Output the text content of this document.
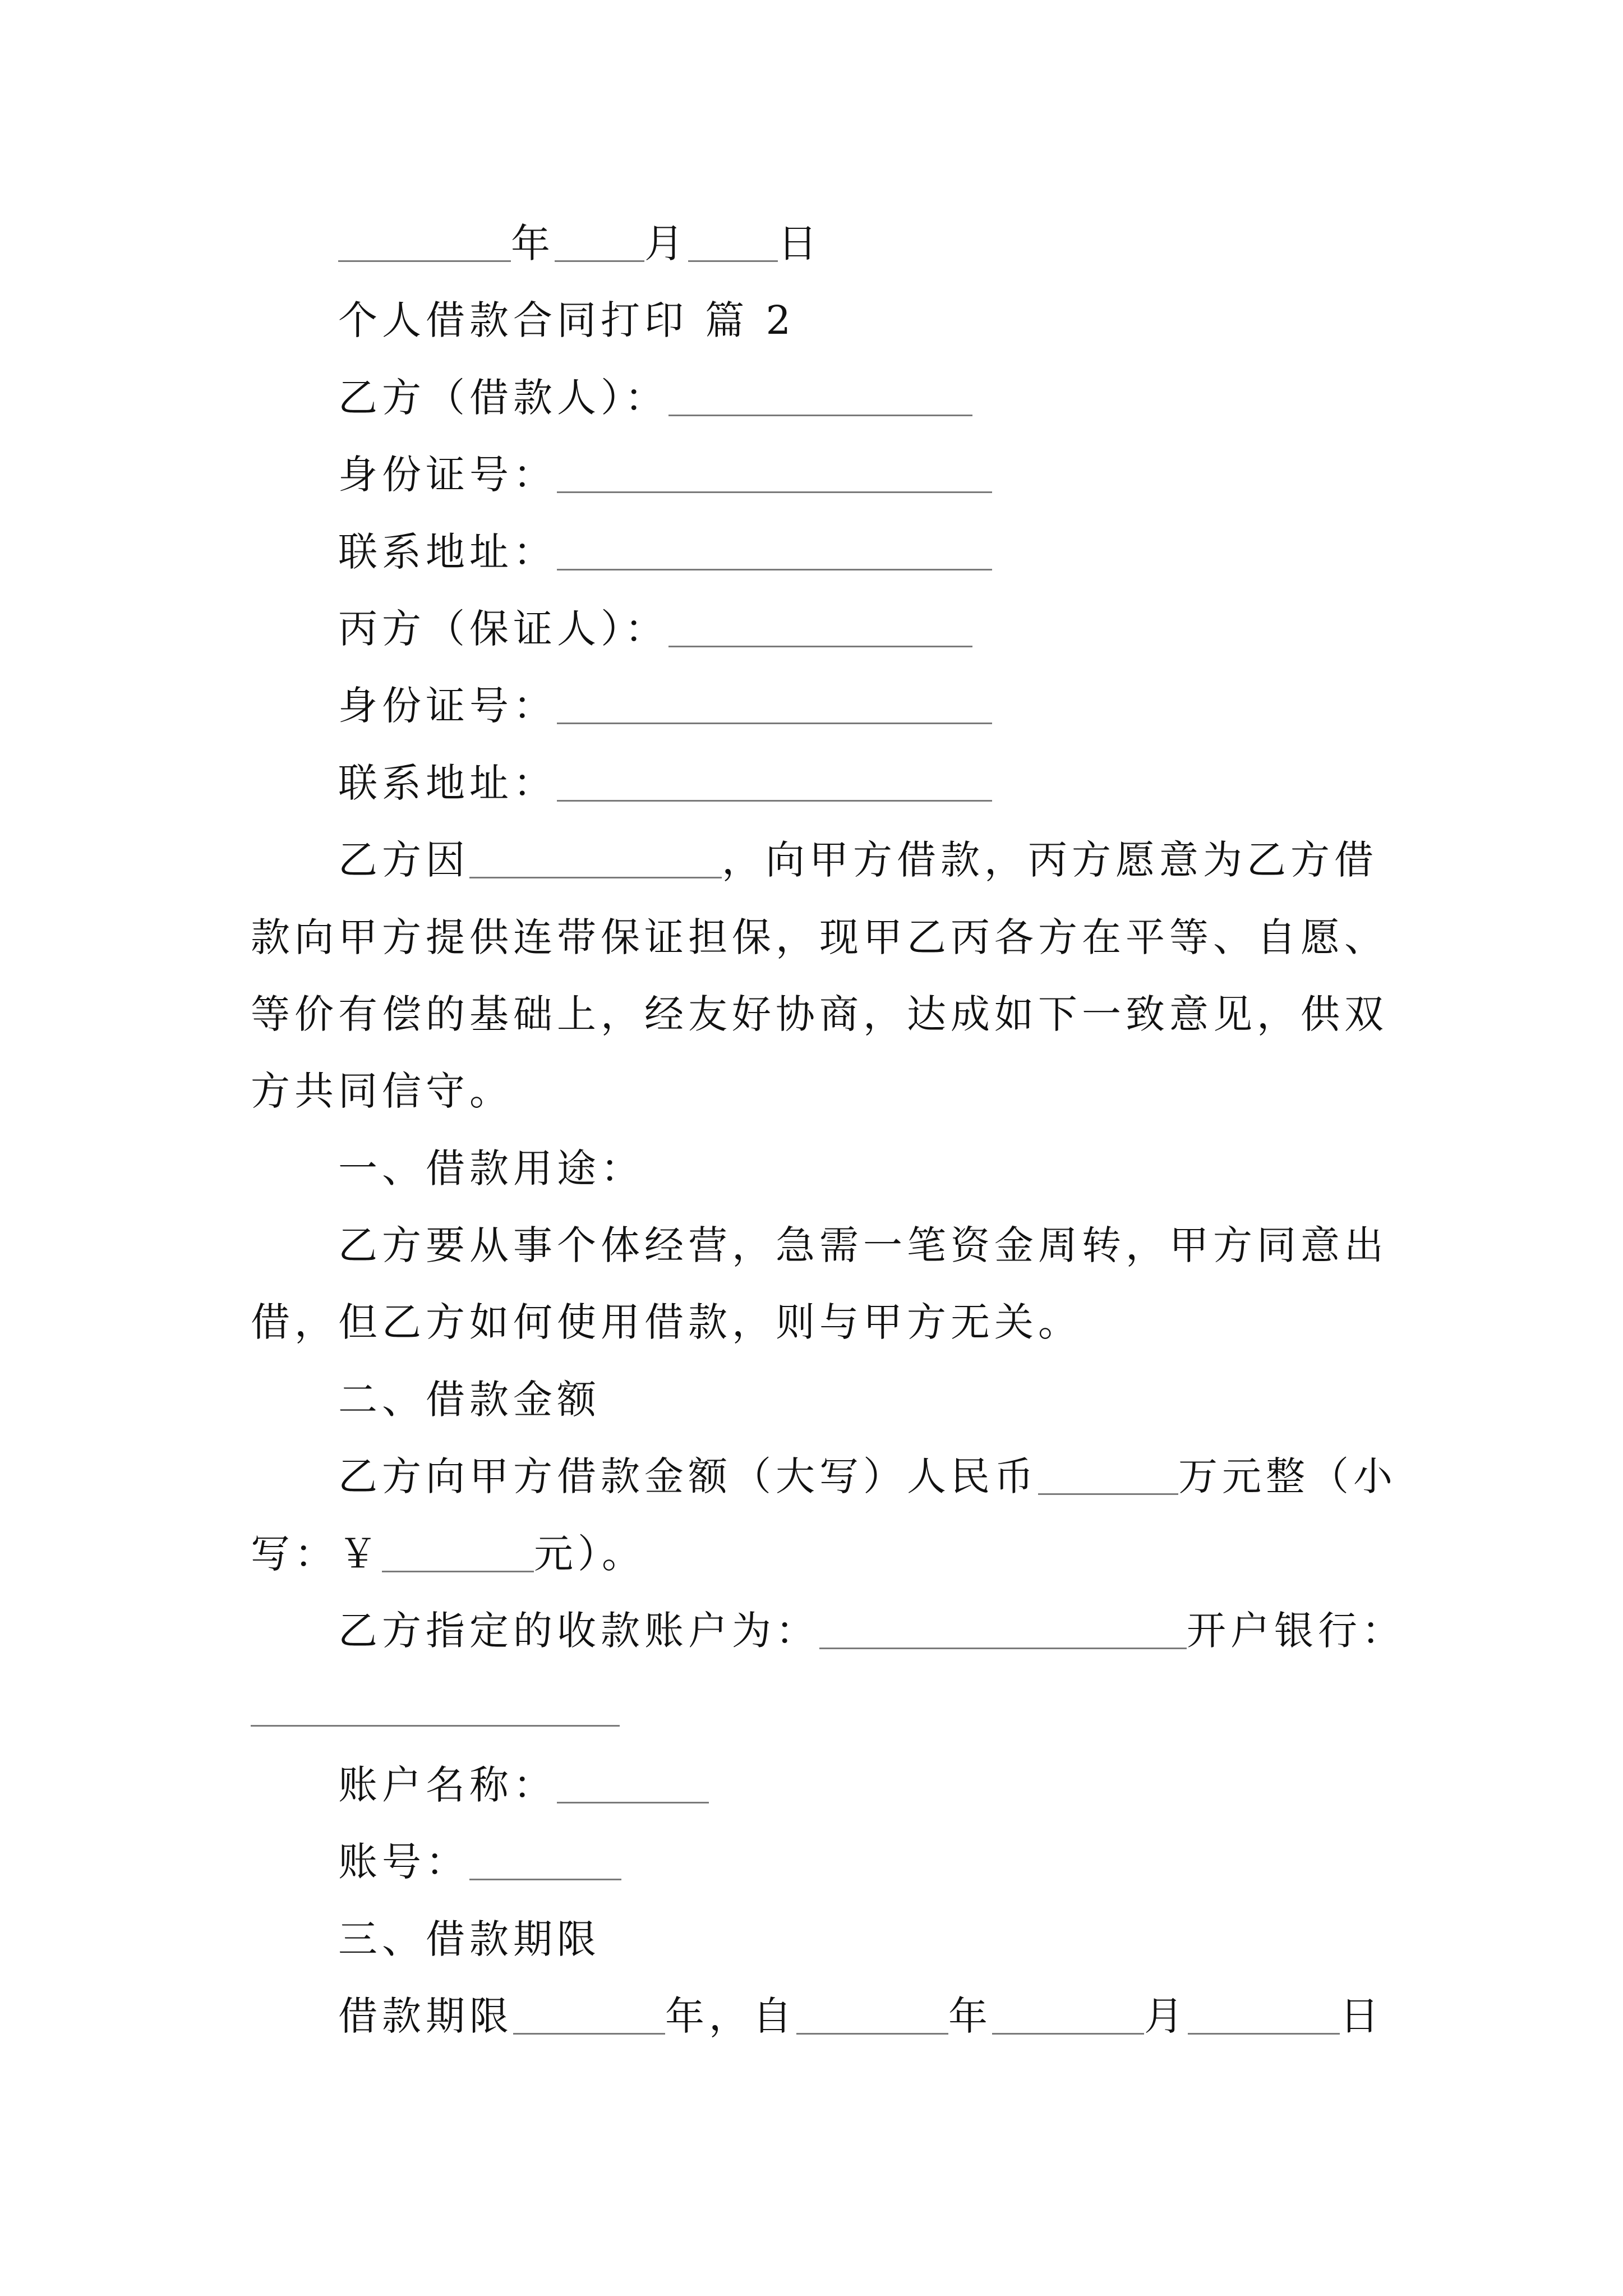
年 月 日
个人借款合同打印 篇 2
乙方（借款人）：
身份证号：
联系地址：
丙方（保证人）：
身份证号：
联系地址：
乙方因	，向甲方借款，丙方愿意为乙方借
款向甲方提供连带保证担保，现甲乙丙各方在平等、自愿、
等价有偿的基础上，经友好协商，达成如下一致意见，供双
方共同信守。
一、借款用途：
乙方要从事个体经营，急需一笔资金周转，甲方同意出
借，但乙方如何使用借款，则与甲方无关。
二、借款金额
乙方向甲方借款金额（大写）人民币	万元整（小
写：￥	元）。
乙方指定的收款账户为：	开户银行：
账户名称：
账号：
三、借款期限
借款期限	年，自	年	月	日
